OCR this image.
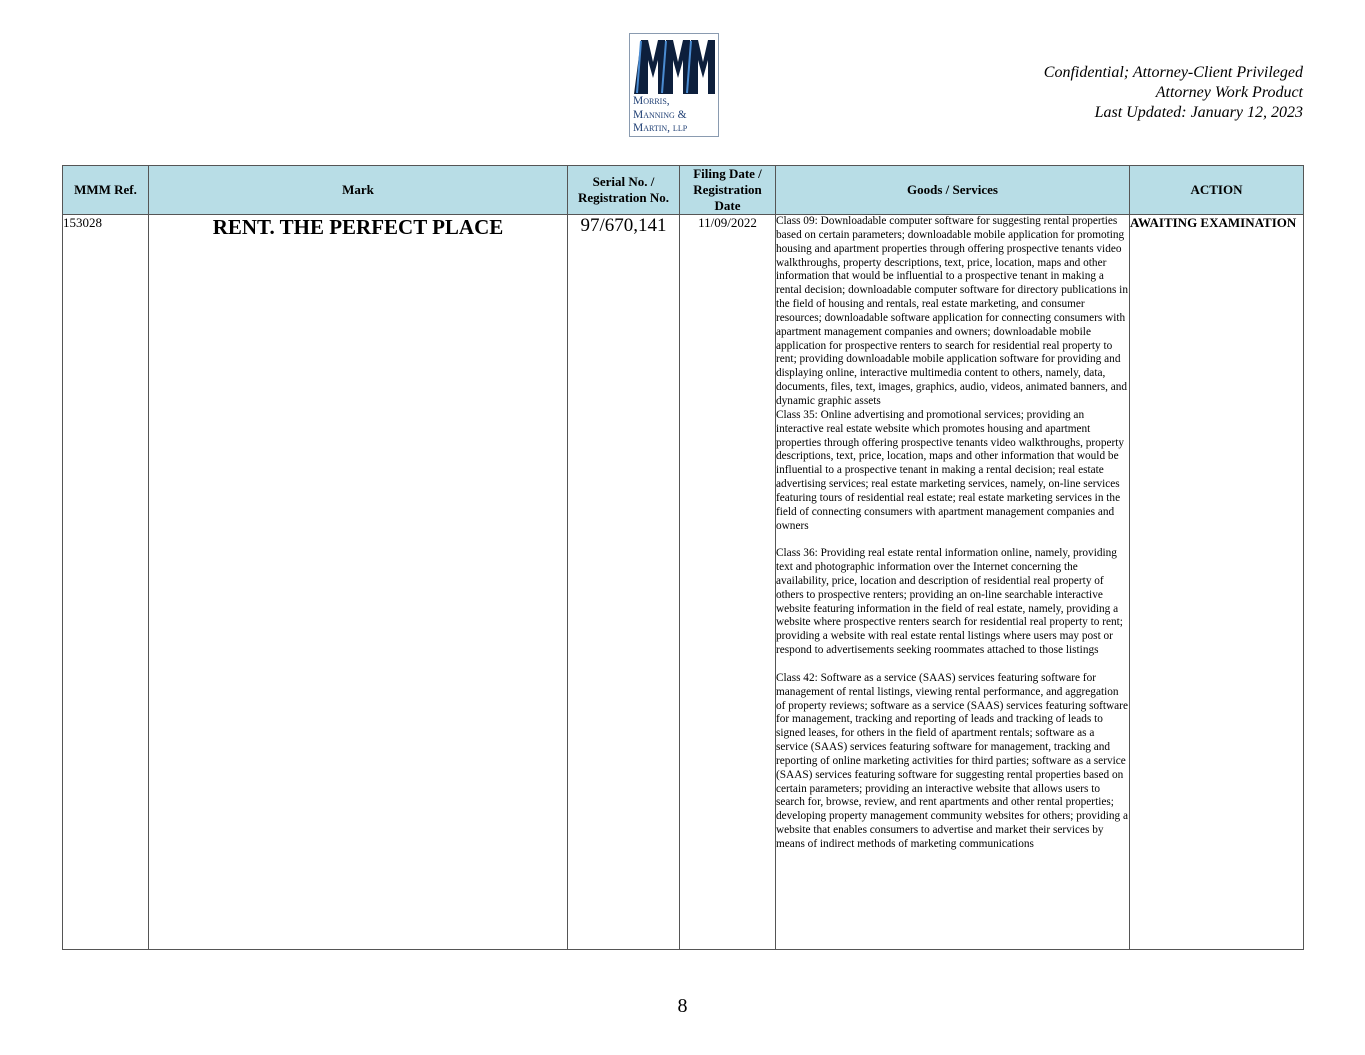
Morris,
Manning &
Martin, llp
Confidential; Attorney-Client Privileged
Attorney Work Product
Last Updated: January 12, 2023
MMM Ref.	Mark	Serial No. / Registration No.	Filing Date / Registration Date	Goods / Services	ACTION
153028	RENT. THE PERFECT PLACE	97/670,141	11/09/2022	Class 09: Downloadable computer software for suggesting rental properties based on certain parameters; downloadable mobile application for promoting housing and apartment properties through offering prospective tenants video walkthroughs, property descriptions, text, price, location, maps and other information that would be influential to a prospective tenant in making a rental decision; downloadable computer software for directory publications in the field of housing and rentals, real estate marketing, and consumer resources; downloadable software application for connecting consumers with apartment management companies and owners; downloadable mobile application for prospective renters to search for residential real property to rent; providing downloadable mobile application software for providing and displaying online, interactive multimedia content to others, namely, data, documents, files, text, images, graphics, audio, videos, animated banners, and dynamic graphic assets

Class 35: Online advertising and promotional services; providing an interactive real estate website which promotes housing and apartment properties through offering prospective tenants video walkthroughs, property descriptions, text, price, location, maps and other information that would be influential to a prospective tenant in making a rental decision; real estate advertising services; real estate marketing services, namely, on-line services featuring tours of residential real estate; real estate marketing services in the field of connecting consumers with apartment management companies and owners

Class 36: Providing real estate rental information online, namely, providing text and photographic information over the Internet concerning the availability, price, location and description of residential real property of others to prospective renters; providing an on-line searchable interactive website featuring information in the field of real estate, namely, providing a website where prospective renters search for residential real property to rent; providing a website with real estate rental listings where users may post or respond to advertisements seeking roommates attached to those listings

Class 42: Software as a service (SAAS) services featuring software for management of rental listings, viewing rental performance, and aggregation of property reviews; software as a service (SAAS) services featuring software for management, tracking and reporting of leads and tracking of leads to signed leases, for others in the field of apartment rentals; software as a service (SAAS) services featuring software for management, tracking and reporting of online marketing activities for third parties; software as a service (SAAS) services featuring software for suggesting rental properties based on certain parameters; providing an interactive website that allows users to search for, browse, review, and rent apartments and other rental properties; developing property management community websites for others; providing a website that enables consumers to advertise and market their services by means of indirect methods of marketing communications	AWAITING EXAMINATION
8
